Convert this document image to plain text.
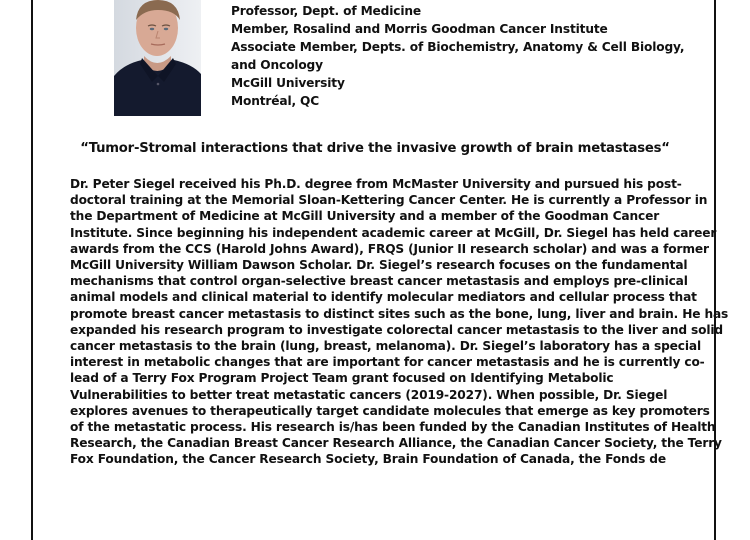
Professor, Dept. of Medicine
Member, Rosalind and Morris Goodman Cancer Institute
Associate Member, Depts. of Biochemistry, Anatomy & Cell Biology,
and Oncology
McGill University
Montréal, QC
“Tumor-Stromal interactions that drive the invasive growth of brain metastases“
Dr. Peter Siegel received his Ph.D. degree from McMaster University and pursued his post-
doctoral training at the Memorial Sloan-Kettering Cancer Center. He is currently a Professor in
the Department of Medicine at McGill University and a member of the Goodman Cancer
Institute. Since beginning his independent academic career at McGill, Dr. Siegel has held career
awards from the CCS (Harold Johns Award), FRQS (Junior II research scholar) and was a former
McGill University William Dawson Scholar. Dr. Siegel’s research focuses on the fundamental
mechanisms that control organ-selective breast cancer metastasis and employs pre-clinical
animal models and clinical material to identify molecular mediators and cellular process that
promote breast cancer metastasis to distinct sites such as the bone, lung, liver and brain. He has
expanded his research program to investigate colorectal cancer metastasis to the liver and solid
cancer metastasis to the brain (lung, breast, melanoma). Dr. Siegel’s laboratory has a special
interest in metabolic changes that are important for cancer metastasis and he is currently co-
lead of a Terry Fox Program Project Team grant focused on Identifying Metabolic
Vulnerabilities to better treat metastatic cancers (2019-2027). When possible, Dr. Siegel
explores avenues to therapeutically target candidate molecules that emerge as key promoters
of the metastatic process. His research is/has been funded by the Canadian Institutes of Health
Research, the Canadian Breast Cancer Research Alliance, the Canadian Cancer Society, the Terry
Fox Foundation, the Cancer Research Society, Brain Foundation of Canada, the Fonds de
